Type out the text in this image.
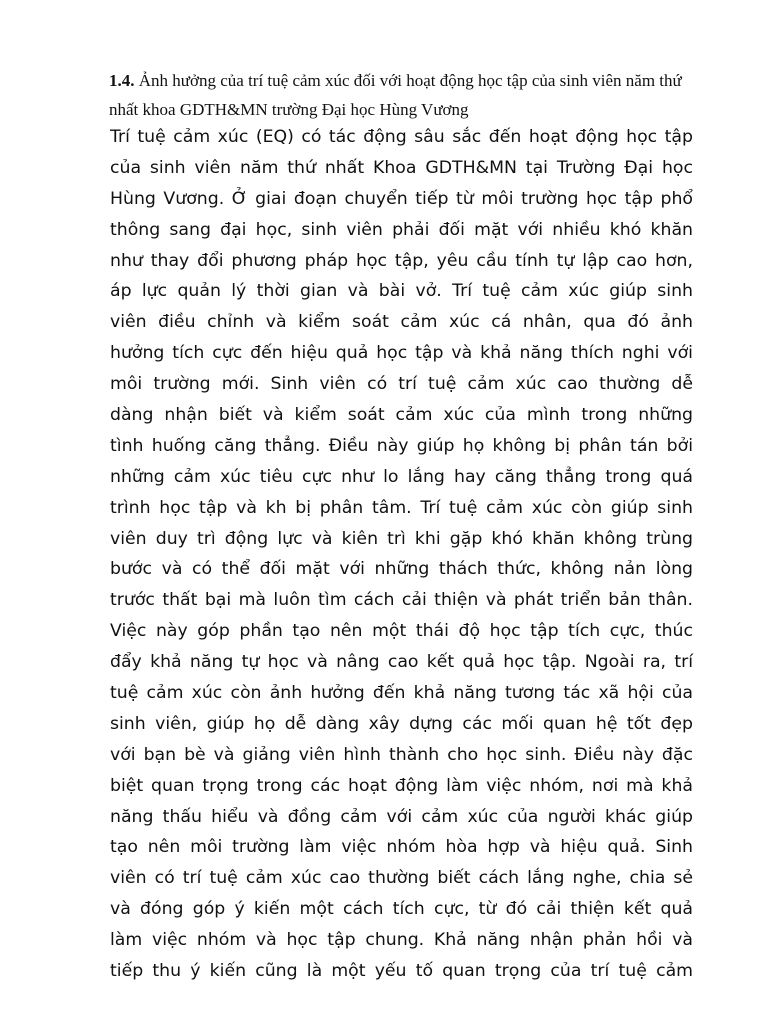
1.4. Ảnh hưởng của trí tuệ cảm xúc đối với hoạt động học tập của sinh viên năm thứ nhất khoa GDTH&MN trường Đại học Hùng Vương

Trí tuệ cảm xúc (EQ) có tác động sâu sắc đến hoạt động học tập
của sinh viên năm thứ nhất Khoa GDTH&MN tại Trường Đại học
Hùng Vương. Ở giai đoạn chuyển tiếp từ môi trường học tập phổ
thông sang đại học, sinh viên phải đối mặt với nhiều khó khăn
như thay đổi phương pháp học tập, yêu cầu tính tự lập cao hơn,
áp lực quản lý thời gian và bài vở. Trí tuệ cảm xúc giúp sinh
viên điều chỉnh và kiểm soát cảm xúc cá nhân, qua đó ảnh
hưởng tích cực đến hiệu quả học tập và khả năng thích nghi với
môi trường mới. Sinh viên có trí tuệ cảm xúc cao thường dễ
dàng nhận biết và kiểm soát cảm xúc của mình trong những
tình huống căng thẳng. Điều này giúp họ không bị phân tán bởi
những cảm xúc tiêu cực như lo lắng hay căng thẳng trong quá
trình học tập và kh bị phân tâm. Trí tuệ cảm xúc còn giúp sinh
viên duy trì động lực và kiên trì khi gặp khó khăn không trùng
bước và có thể đối mặt với những thách thức, không nản lòng
trước thất bại mà luôn tìm cách cải thiện và phát triển bản thân.
Việc này góp phần tạo nên một thái độ học tập tích cực, thúc
đẩy khả năng tự học và nâng cao kết quả học tập. Ngoài ra, trí
tuệ cảm xúc còn ảnh hưởng đến khả năng tương tác xã hội của
sinh viên, giúp họ dễ dàng xây dựng các mối quan hệ tốt đẹp
với bạn bè và giảng viên hình thành cho học sinh. Điều này đặc
biệt quan trọng trong các hoạt động làm việc nhóm, nơi mà khả
năng thấu hiểu và đồng cảm với cảm xúc của người khác giúp
tạo nên môi trường làm việc nhóm hòa hợp và hiệu quả. Sinh
viên có trí tuệ cảm xúc cao thường biết cách lắng nghe, chia sẻ
và đóng góp ý kiến một cách tích cực, từ đó cải thiện kết quả
làm việc nhóm và học tập chung. Khả năng nhận phản hồi và
tiếp thu ý kiến cũng là một yếu tố quan trọng của trí tuệ cảm
